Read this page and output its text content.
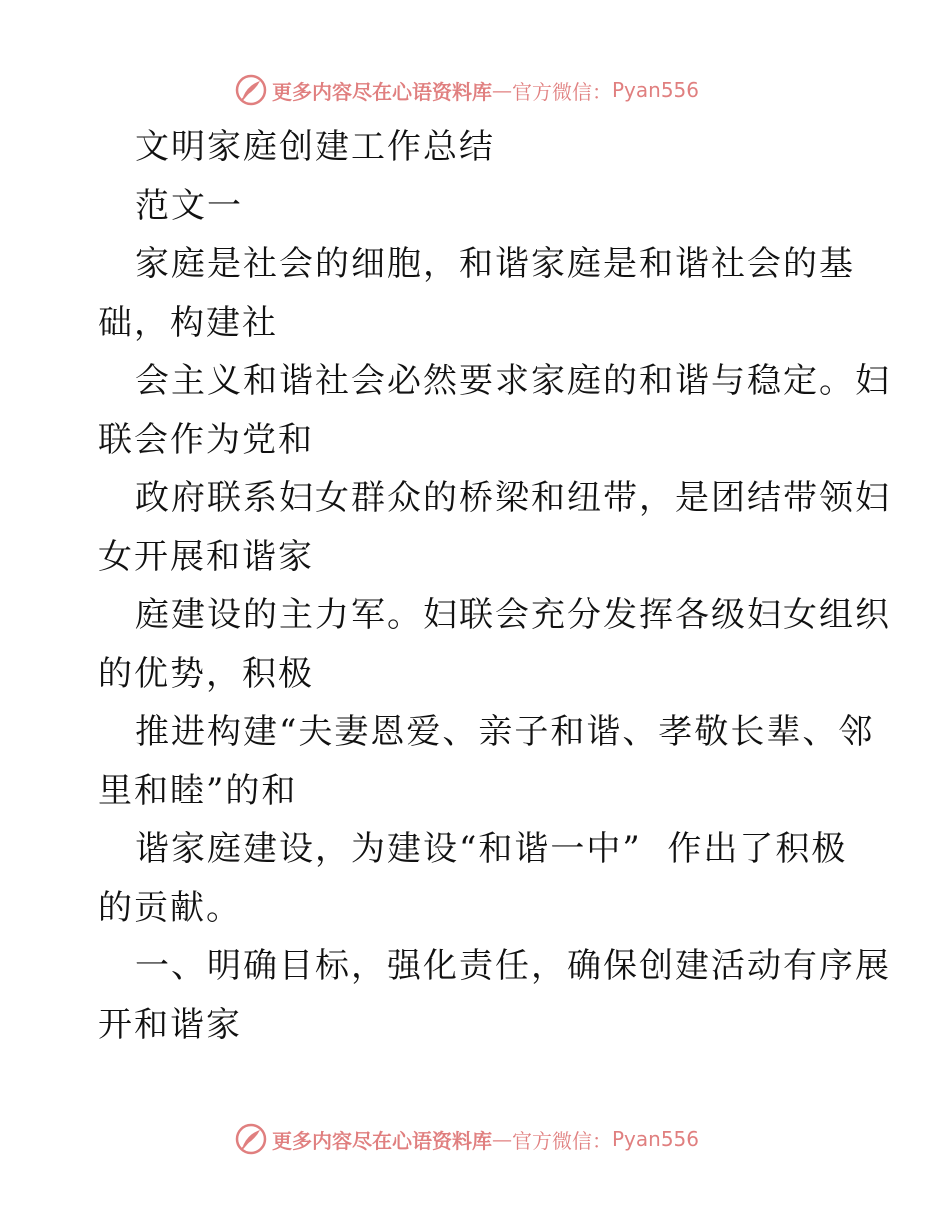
更多内容尽在心语资料库 — 官方微信： Pyan556
文明家庭创建工作总结
范文一
家庭是社会的细胞，和谐家庭是和谐社会的基
础，构建社
会主义和谐社会必然要求家庭的和谐与稳定。妇
联会作为党和
政府联系妇女群众的桥梁和纽带，是团结带领妇
女开展和谐家
庭建设的主力军。妇联会充分发挥各级妇女组织
的优势，积极
推进构建“夫妻恩爱、亲子和谐、孝敬长辈、邻
里和睦”的和
谐家庭建设，为建设“和谐一中”  作出了积极
的贡献。
一、明确目标，强化责任，确保创建活动有序展
开和谐家
更多内容尽在心语资料库 — 官方微信： Pyan556
